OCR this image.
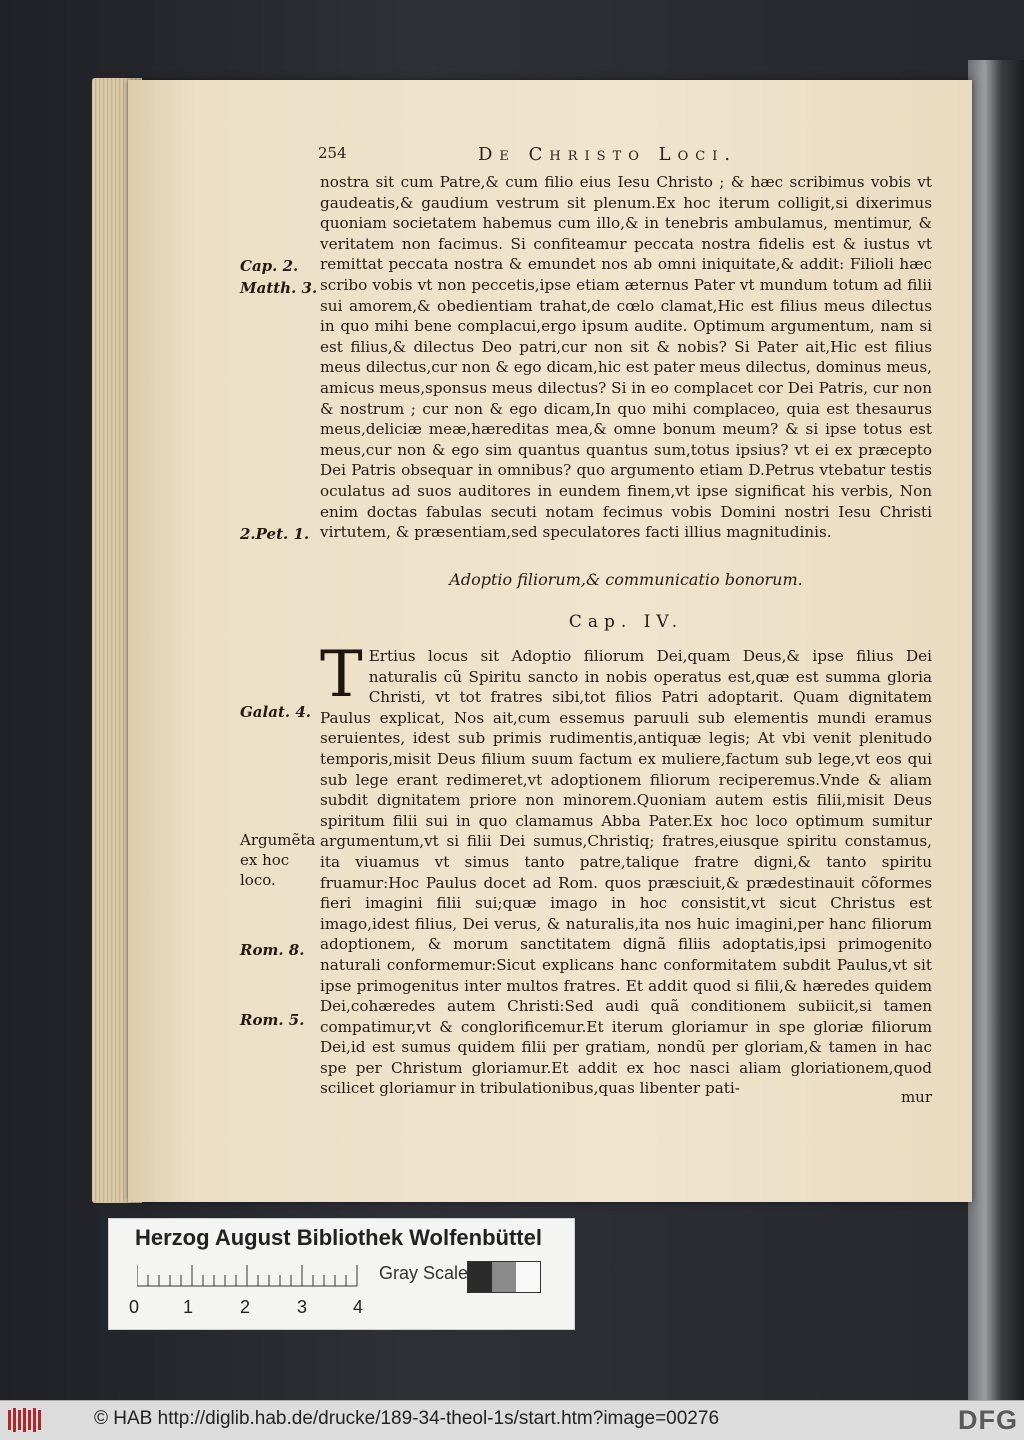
254	De Christo Loci.

nostra sit cum Patre,& cum filio eius Iesu Christo ; & hæc scribimus vobis vt gaudeatis,& gaudium vestrum sit plenum.Ex hoc iterum colligit,si dixerimus quoniam societatem habemus cum illo,& in tenebris ambulamus, mentimur, & veritatem non facimus. Si confiteamur peccata nostra fidelis est & iustus vt remittat peccata nostra & emundet nos ab omni iniquitate,& addit: Filioli hæc scribo vobis vt non peccetis,ipse etiam æternus Pater vt mundum totum ad filii sui amorem,& obedientiam trahat,de cœlo clamat,Hic est filius meus dilectus in quo mihi bene complacui,ergo ipsum audite. Optimum argumentum, nam si est filius,& dilectus Deo patri,cur non sit & nobis? Si Pater ait,Hic est filius meus dilectus,cur non & ego dicam,hic est pater meus dilectus, dominus meus, amicus meus,sponsus meus dilectus? Si in eo complacet cor Dei Patris, cur non & nostrum ; cur non & ego dicam,In quo mihi complaceo, quia est thesaurus meus,deliciæ meæ,hæreditas mea,& omne bonum meum? & si ipse totus est meus,cur non & ego sim quantus quantus sum,totus ipsius? vt ei ex præcepto Dei Patris obsequar in omnibus? quo argumento etiam D.Petrus vtebatur testis oculatus ad suos auditores in eundem finem,vt ipse significat his verbis, Non enim doctas fabulas secuti notam fecimus vobis Domini nostri Iesu Christi virtutem, & præsentiam,sed speculatores facti illius magnitudinis.

Cap. 2.
Matth. 3.
2.Pet. 1.
Adoptio filiorum,& communicatio bonorum.
Cap. IV.
T Ertius locus sit Adoptio filiorum Dei,quam Deus,& ipse filius Dei naturalis cũ Spiritu sancto in nobis operatus est,quæ est summa gloria Christi, vt tot fratres sibi,tot filios Patri adoptarit. Quam dignitatem Paulus explicat, Nos ait,cum essemus paruuli sub elementis mundi eramus seruientes, idest sub primis rudimentis,antiquæ legis; At vbi venit plenitudo temporis,misit Deus filium suum factum ex muliere,factum sub lege,vt eos qui sub lege erant redimeret,vt adoptionem filiorum reciperemus.Vnde & aliam subdit dignitatem priore non minorem.Quoniam autem estis filii,misit Deus spiritum filii sui in quo clamamus Abba Pater.Ex hoc loco optimum sumitur argumentum,vt si filii Dei sumus,Christiq; fratres,eiusque spiritu constamus, ita viuamus vt simus tanto patre,talique fratre digni,& tanto spiritu fruamur:Hoc Paulus docet ad Rom. quos præsciuit,& prædestinauit cõformes fieri imagini filii sui;quæ imago in hoc consistit,vt sicut Christus est imago,idest filius, Dei verus, & naturalis,ita nos huic imagini,per hanc filiorum adoptionem, & morum sanctitatem dignã filiis adoptatis,ipsi primogenito naturali conformemur:Sicut explicans hanc conformitatem subdit Paulus,vt sit ipse primogenitus inter multos fratres. Et addit quod si filii,& hæredes quidem Dei,cohæredes autem Christi:Sed audi quã conditionem subiicit,si tamen compatimur,vt & conglorificemur.Et iterum gloriamur in spe gloriæ filiorum Dei,id est sumus quidem filii per gratiam, nondũ per gloriam,& tamen in hac spe per Christum gloriamur.Et addit ex hoc nasci aliam gloriationem,quod scilicet gloriamur in tribulationibus,quas libenter pati-

Galat. 4.
Argumẽta ex hoc loco.
Rom. 8.
Rom. 5.
mur
Herzog August Bibliothek Wolfenbüttel
0 1	2	3	4
Gray Scale
© HAB http://diglib.hab.de/drucke/189-34-theol-1s/start.htm?image=00276	DFG
